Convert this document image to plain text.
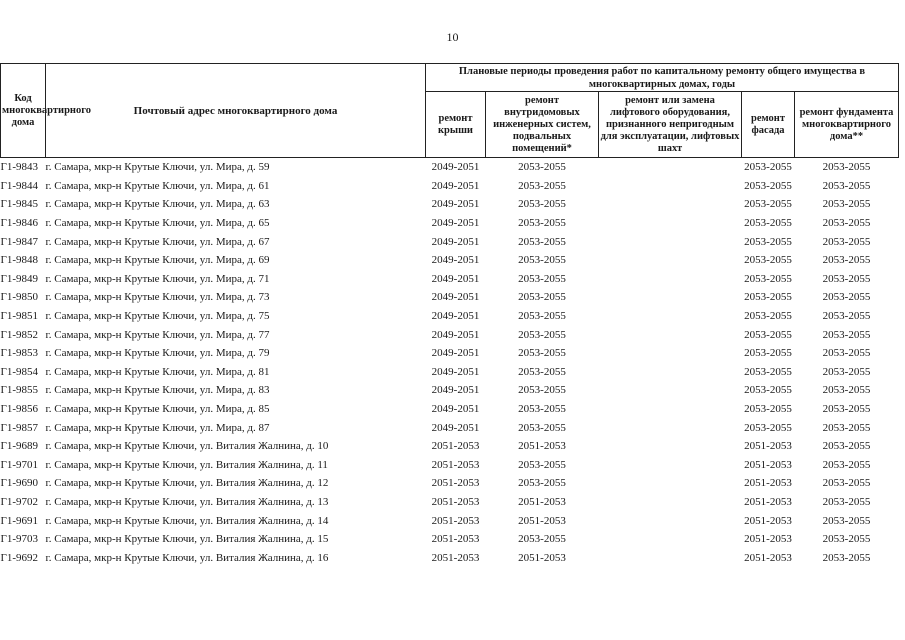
10
Код многоквартирного дома	Почтовый адрес многоквартирного дома	Плановые периоды проведения работ по капитальному ремонту общего имущества в многоквартирных домах, годы				
		ремонт крыши	ремонт внутридомовых инженерных систем, подвальных помещений*	ремонт или замена лифтового оборудования, признанного непригодным для эксплуатации, лифтовых шахт	ремонт фасада	ремонт фундамента многоквартирного дома**
Г1-9843	г. Самара, мкр-н Крутые Ключи, ул. Мира, д. 59	2049-2051	2053-2055		2053-2055	2053-2055
Г1-9844	г. Самара, мкр-н Крутые Ключи, ул. Мира, д. 61	2049-2051	2053-2055		2053-2055	2053-2055
Г1-9845	г. Самара, мкр-н Крутые Ключи, ул. Мира, д. 63	2049-2051	2053-2055		2053-2055	2053-2055
Г1-9846	г. Самара, мкр-н Крутые Ключи, ул. Мира, д. 65	2049-2051	2053-2055		2053-2055	2053-2055
Г1-9847	г. Самара, мкр-н Крутые Ключи, ул. Мира, д. 67	2049-2051	2053-2055		2053-2055	2053-2055
Г1-9848	г. Самара, мкр-н Крутые Ключи, ул. Мира, д. 69	2049-2051	2053-2055		2053-2055	2053-2055
Г1-9849	г. Самара, мкр-н Крутые Ключи, ул. Мира, д. 71	2049-2051	2053-2055		2053-2055	2053-2055
Г1-9850	г. Самара, мкр-н Крутые Ключи, ул. Мира, д. 73	2049-2051	2053-2055		2053-2055	2053-2055
Г1-9851	г. Самара, мкр-н Крутые Ключи, ул. Мира, д. 75	2049-2051	2053-2055		2053-2055	2053-2055
Г1-9852	г. Самара, мкр-н Крутые Ключи, ул. Мира, д. 77	2049-2051	2053-2055		2053-2055	2053-2055
Г1-9853	г. Самара, мкр-н Крутые Ключи, ул. Мира, д. 79	2049-2051	2053-2055		2053-2055	2053-2055
Г1-9854	г. Самара, мкр-н Крутые Ключи, ул. Мира, д. 81	2049-2051	2053-2055		2053-2055	2053-2055
Г1-9855	г. Самара, мкр-н Крутые Ключи, ул. Мира, д. 83	2049-2051	2053-2055		2053-2055	2053-2055
Г1-9856	г. Самара, мкр-н Крутые Ключи, ул. Мира, д. 85	2049-2051	2053-2055		2053-2055	2053-2055
Г1-9857	г. Самара, мкр-н Крутые Ключи, ул. Мира, д. 87	2049-2051	2053-2055		2053-2055	2053-2055
Г1-9689	г. Самара, мкр-н Крутые Ключи, ул. Виталия Жалнина, д. 10	2051-2053	2051-2053		2051-2053	2053-2055
Г1-9701	г. Самара, мкр-н Крутые Ключи, ул. Виталия Жалнина, д. 11	2051-2053	2053-2055		2051-2053	2053-2055
Г1-9690	г. Самара, мкр-н Крутые Ключи, ул. Виталия Жалнина, д. 12	2051-2053	2053-2055		2051-2053	2053-2055
Г1-9702	г. Самара, мкр-н Крутые Ключи, ул. Виталия Жалнина, д. 13	2051-2053	2051-2053		2051-2053	2053-2055
Г1-9691	г. Самара, мкр-н Крутые Ключи, ул. Виталия Жалнина, д. 14	2051-2053	2051-2053		2051-2053	2053-2055
Г1-9703	г. Самара, мкр-н Крутые Ключи, ул. Виталия Жалнина, д. 15	2051-2053	2053-2055		2051-2053	2053-2055
Г1-9692	г. Самара, мкр-н Крутые Ключи, ул. Виталия Жалнина, д. 16	2051-2053	2051-2053		2051-2053	2053-2055
